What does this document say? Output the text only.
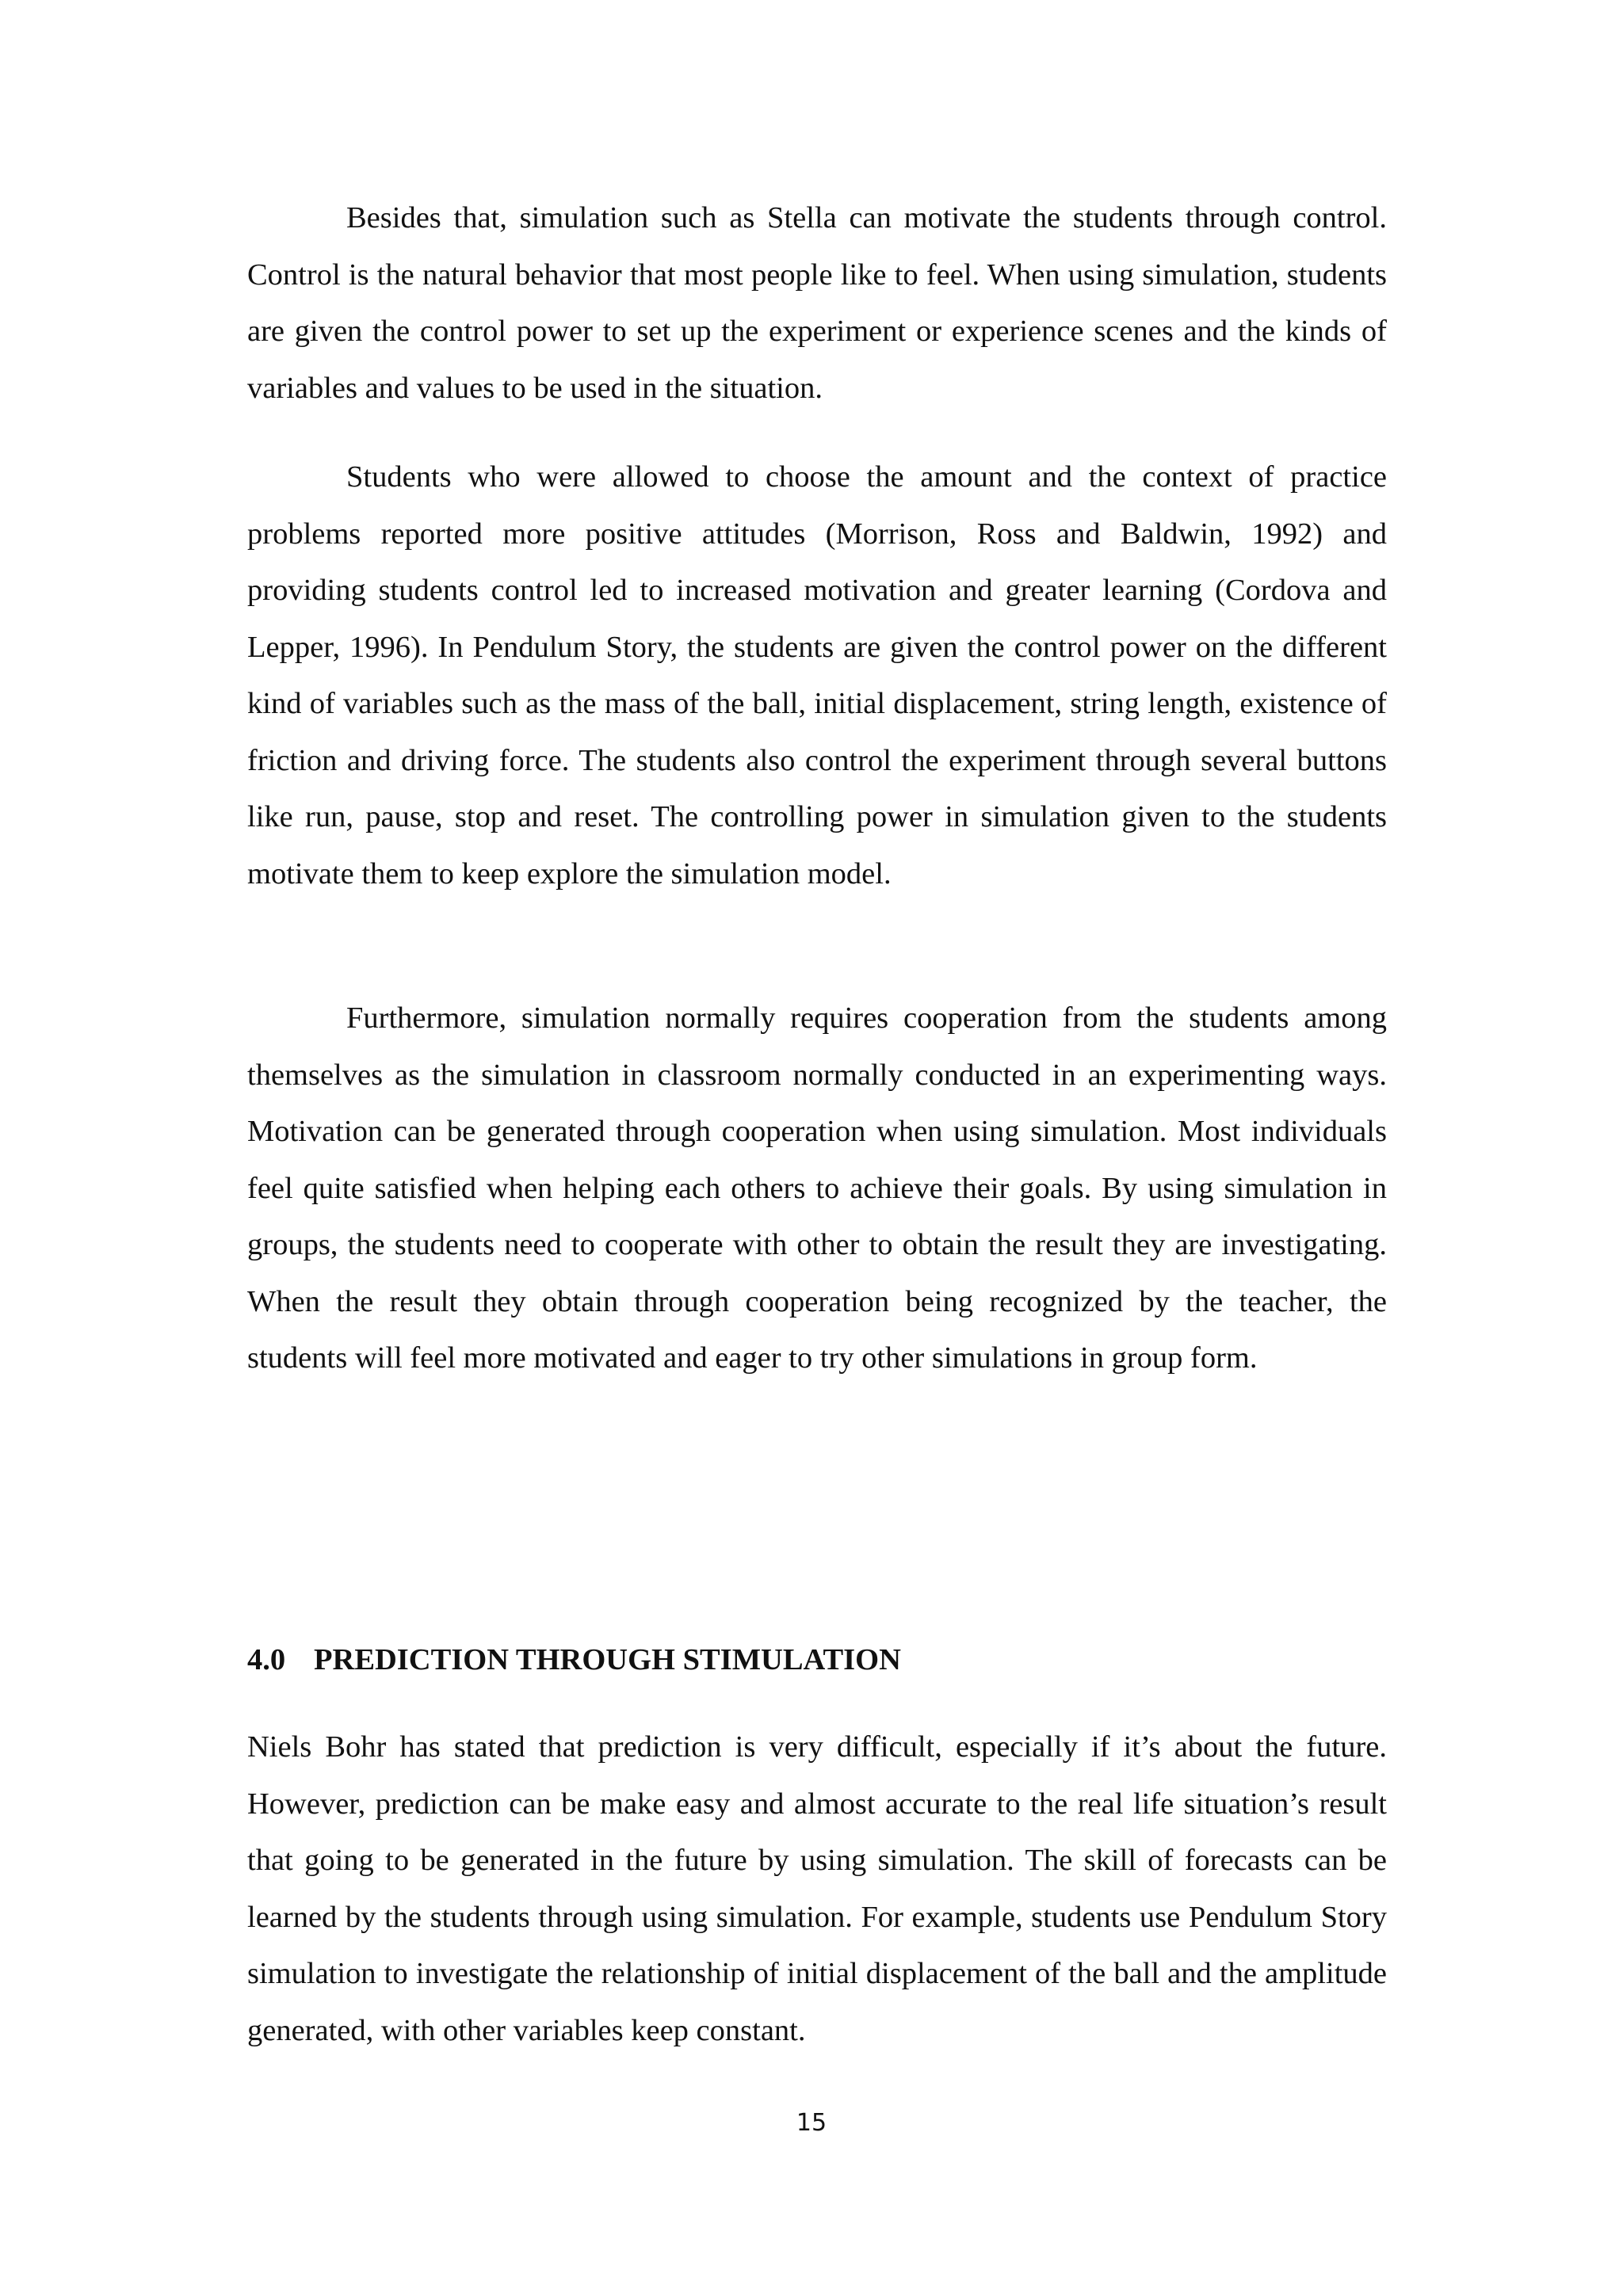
Besides that, simulation such as Stella can motivate the students through control. Control is the natural behavior that most people like to feel. When using simulation, students are given the control power to set up the experiment or experience scenes and the kinds of variables and values to be used in the situation.

Students who were allowed to choose the amount and the context of practice problems reported more positive attitudes (Morrison, Ross and Baldwin, 1992) and providing students control led to increased motivation and greater learning (Cordova and Lepper, 1996). In Pendulum Story, the students are given the control power on the different kind of variables such as the mass of the ball, initial displacement, string length, existence of friction and driving force. The students also control the experiment through several buttons like run, pause, stop and reset. The controlling power in simulation given to the students motivate them to keep explore the simulation model.

Furthermore, simulation normally requires cooperation from the students among themselves as the simulation in classroom normally conducted in an experimenting ways. Motivation can be generated through cooperation when using simulation. Most individuals feel quite satisfied when helping each others to achieve their goals. By using simulation in groups, the students need to cooperate with other to obtain the result they are investigating. When the result they obtain through cooperation being recognized by the teacher, the students will feel more motivated and eager to try other simulations in group form.

4.0 PREDICTION THROUGH STIMULATION

Niels Bohr has stated that prediction is very difficult, especially if it’s about the future. However, prediction can be make easy and almost accurate to the real life situation’s result that going to be generated in the future by using simulation. The skill of forecasts can be learned by the students through using simulation. For example, students use Pendulum Story simulation to investigate the relationship of initial displacement of the ball and the amplitude generated, with other variables keep constant.

15
